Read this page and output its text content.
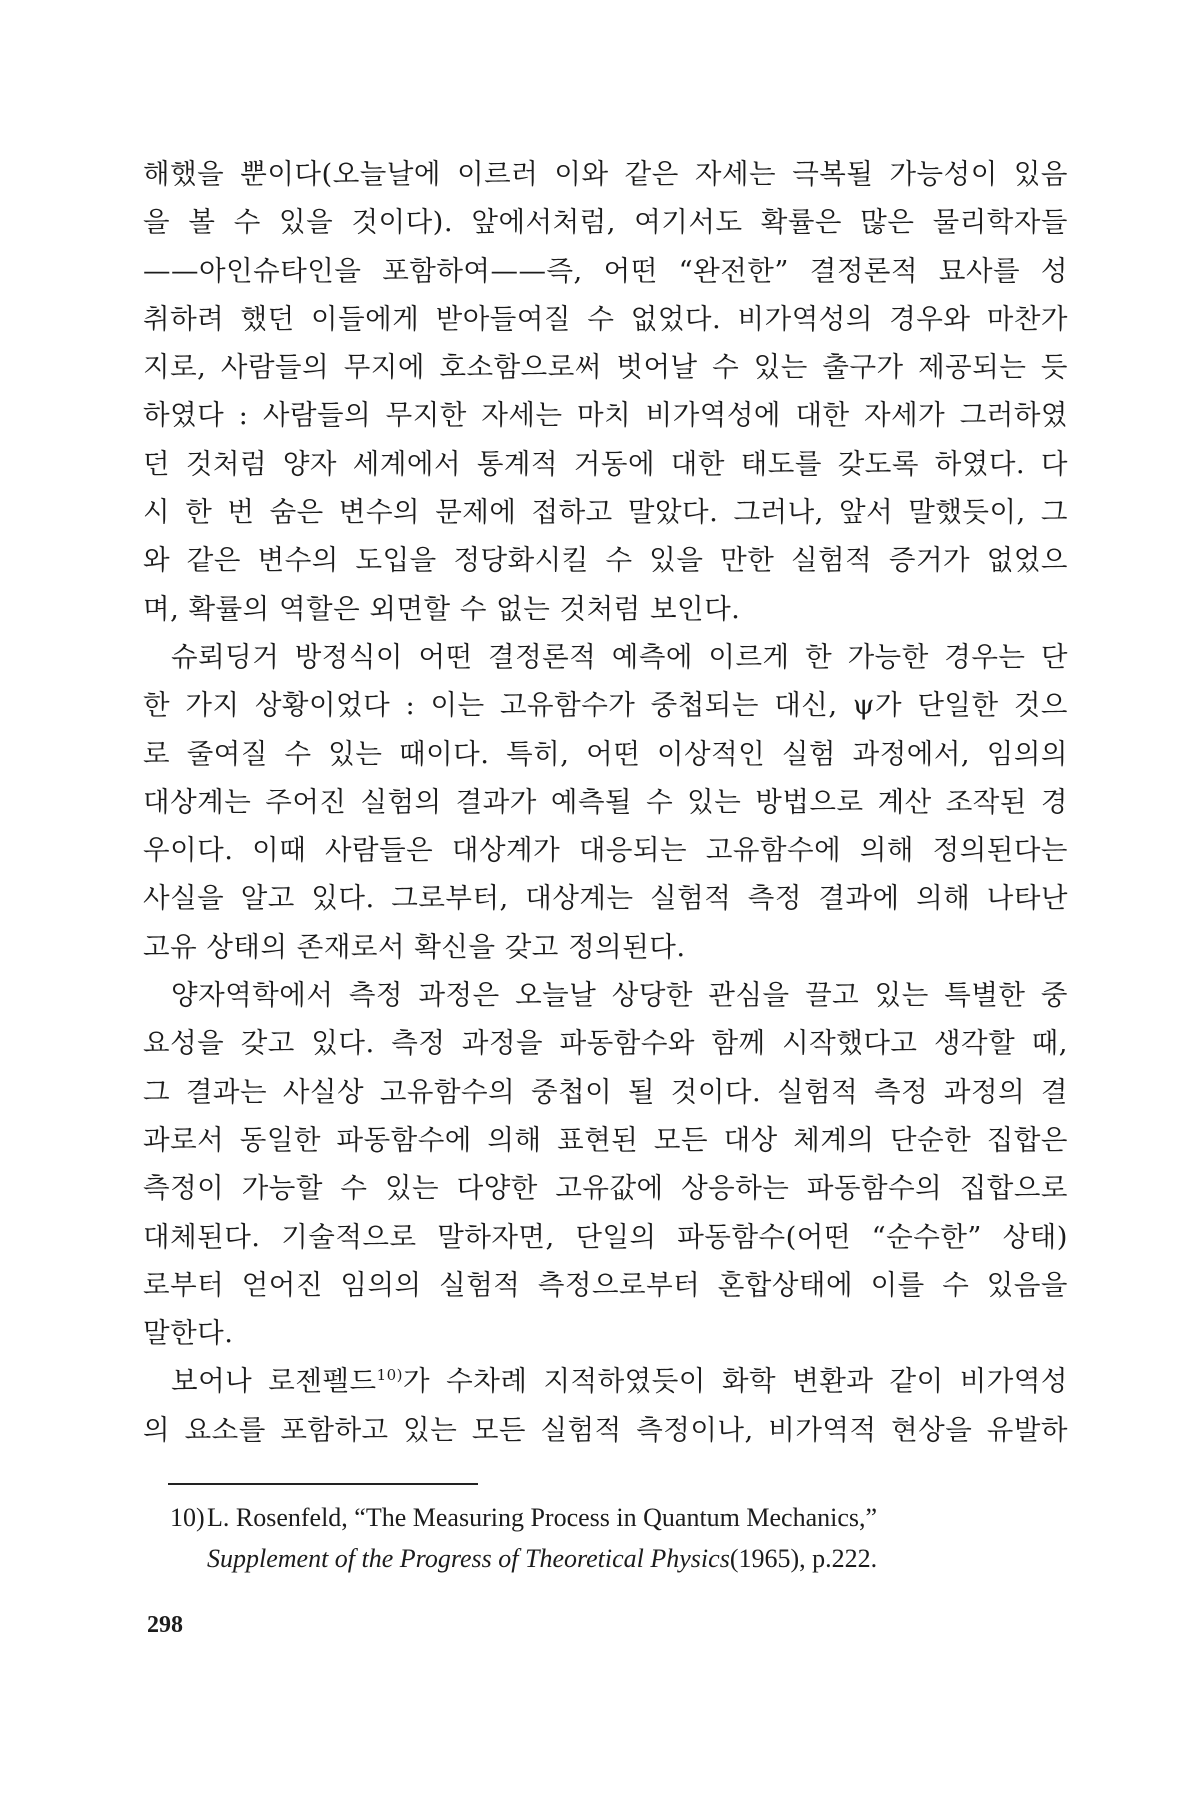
해했을 뿐이다(오늘날에 이르러 이와 같은 자세는 극복될 가능성이 있음
을 볼 수 있을 것이다). 앞에서처럼, 여기서도 확률은 많은 물리학자들
——아인슈타인을 포함하여——즉, 어떤 “완전한” 결정론적 묘사를 성
취하려 했던 이들에게 받아들여질 수 없었다. 비가역성의 경우와 마찬가
지로, 사람들의 무지에 호소함으로써 벗어날 수 있는 출구가 제공되는 듯
하였다 : 사람들의 무지한 자세는 마치 비가역성에 대한 자세가 그러하였
던 것처럼 양자 세계에서 통계적 거동에 대한 태도를 갖도록 하였다. 다
시 한 번 숨은 변수의 문제에 접하고 말았다. 그러나, 앞서 말했듯이, 그
와 같은 변수의 도입을 정당화시킬 수 있을 만한 실험적 증거가 없었으
며, 확률의 역할은 외면할 수 없는 것처럼 보인다.
슈뢰딩거 방정식이 어떤 결정론적 예측에 이르게 한 가능한 경우는 단
한 가지 상황이었다 : 이는 고유함수가 중첩되는 대신, ψ가 단일한 것으
로 줄여질 수 있는 때이다. 특히, 어떤 이상적인 실험 과정에서, 임의의
대상계는 주어진 실험의 결과가 예측될 수 있는 방법으로 계산 조작된 경
우이다. 이때 사람들은 대상계가 대응되는 고유함수에 의해 정의된다는
사실을 알고 있다. 그로부터, 대상계는 실험적 측정 결과에 의해 나타난
고유 상태의 존재로서 확신을 갖고 정의된다.
양자역학에서 측정 과정은 오늘날 상당한 관심을 끌고 있는 특별한 중
요성을 갖고 있다. 측정 과정을 파동함수와 함께 시작했다고 생각할 때,
그 결과는 사실상 고유함수의 중첩이 될 것이다. 실험적 측정 과정의 결
과로서 동일한 파동함수에 의해 표현된 모든 대상 체계의 단순한 집합은
측정이 가능할 수 있는 다양한 고유값에 상응하는 파동함수의 집합으로
대체된다. 기술적으로 말하자면, 단일의 파동함수(어떤 “순수한” 상태)
로부터 얻어진 임의의 실험적 측정으로부터 혼합상태에 이를 수 있음을
말한다.
보어나 로젠펠드$^{10)}$가 수차례 지적하였듯이 화학 변환과 같이 비가역성
의 요소를 포함하고 있는 모든 실험적 측정이나, 비가역적 현상을 유발하
10)L. Rosenfeld, “The Measuring Process in Quantum Mechanics,”
Supplement of the Progress of Theoretical Physics(1965), p.222.
298
